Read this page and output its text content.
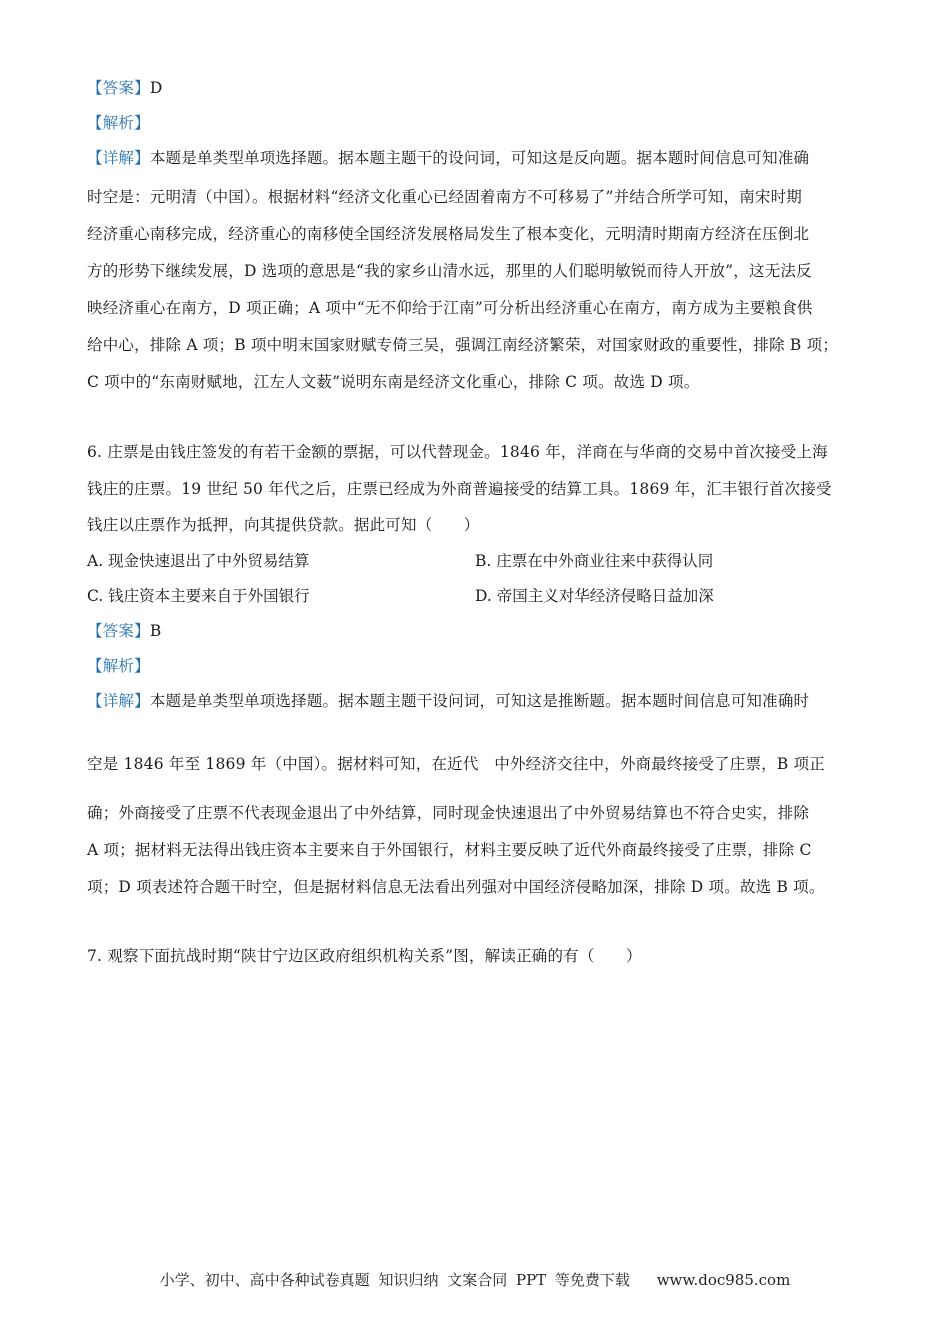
【答案】D
【解析】
【详解】本题是单类型单项选择题。据本题主题干的设问词，可知这是反向题。据本题时间信息可知准确
时空是：元明清（中国）。根据材料“经济文化重心已经固着南方不可移易了”并结合所学可知，南宋时期
经济重心南移完成，经济重心的南移使全国经济发展格局发生了根本变化，元明清时期南方经济在压倒北
方的形势下继续发展，D 选项的意思是“我的家乡山清水远，那里的人们聪明敏锐而待人开放”，这无法反
映经济重心在南方，D 项正确；A 项中“无不仰给于江南”可分析出经济重心在南方，南方成为主要粮食供
给中心，排除 A 项；B 项中明末国家财赋专倚三吴，强调江南经济繁荣，对国家财政的重要性，排除 B 项；
C 项中的“东南财赋地，江左人文薮”说明东南是经济文化重心，排除 C 项。故选 D 项。
6. 庄票是由钱庄签发的有若干金额的票据，可以代替现金。1846 年，洋商在与华商的交易中首次接受上海
钱庄的庄票。19 世纪 50 年代之后，庄票已经成为外商普遍接受的结算工具。1869 年，汇丰银行首次接受
钱庄以庄票作为抵押，向其提供贷款。据此可知（　　）
A. 现金快速退出了中外贸易结算	B. 庄票在中外商业往来中获得认同
C. 钱庄资本主要来自于外国银行	D. 帝国主义对华经济侵略日益加深
【答案】B
【解析】
【详解】本题是单类型单项选择题。据本题主题干设问词，可知这是推断题。据本题时间信息可知准确时
空是 1846 年至 1869 年（中国）。据材料可知，在近代　中外经济交往中，外商最终接受了庄票，B 项正
确；外商接受了庄票不代表现金退出了中外结算，同时现金快速退出了中外贸易结算也不符合史实，排除
A 项；据材料无法得出钱庄资本主要来自于外国银行，材料主要反映了近代外商最终接受了庄票，排除 C
项；D 项表述符合题干时空，但是据材料信息无法看出列强对中国经济侵略加深，排除 D 项。故选 B 项。
7. 观察下面抗战时期“陕甘宁边区政府组织机构关系”图，解读正确的有（　　）
小学、初中、高中各种试卷真题 知识归纳 文案合同 PPT 等免费下载 www.doc985.com
